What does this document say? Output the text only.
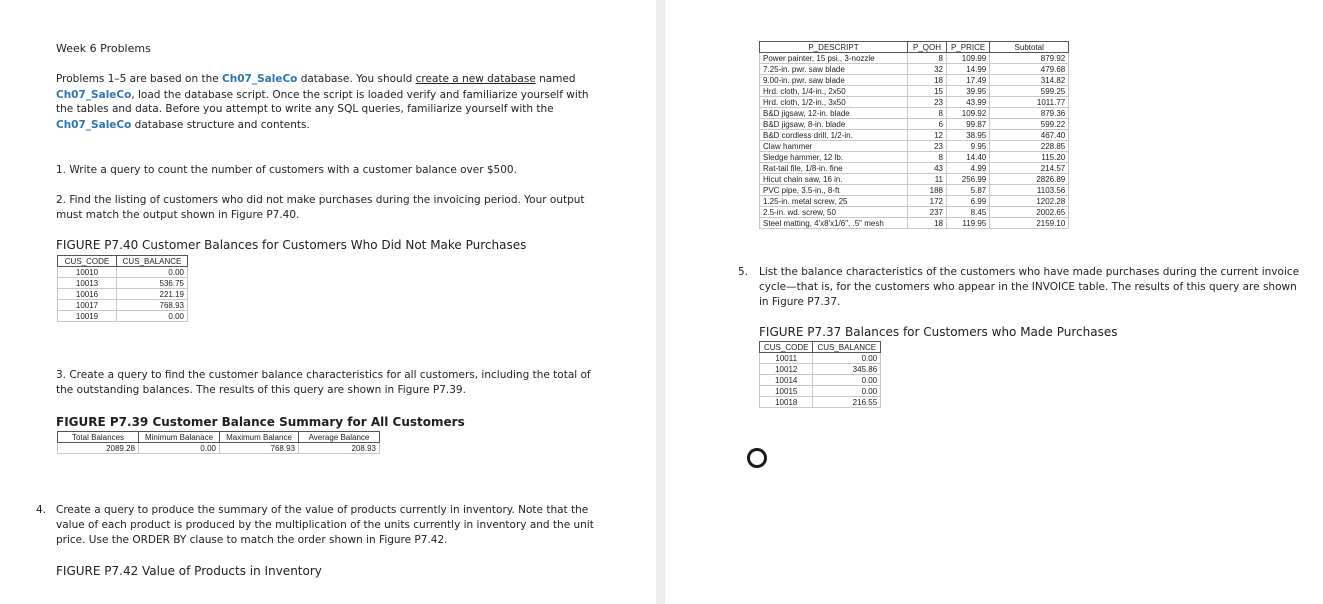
Week 6 Problems

Problems 1–5 are based on the Ch07_SaleCo database. You should create a new database named

Ch07_SaleCo, load the database script. Once the script is loaded verify and familiarize yourself with

the tables and data. Before you attempt to write any SQL queries, familiarize yourself with the

Ch07_SaleCo database structure and contents.

1. Write a query to count the number of customers with a customer balance over $500.

2. Find the listing of customers who did not make purchases during the invoicing period. Your output

must match the output shown in Figure P7.40.

FIGURE P7.40 Customer Balances for Customers Who Did Not Make Purchases

CUS_CODE	CUS_BALANCE
10010	0.00
10013	536.75
10016	221.19
10017	768.93
10019	0.00

3. Create a query to find the customer balance characteristics for all customers, including the total of

the outstanding balances. The results of this query are shown in Figure P7.39.

FIGURE P7.39 Customer Balance Summary for All Customers

Total Balances	Minimum Balanace	Maximum Balance	Average Balance
2089.28	0.00	768.93	208.93

4. Create a query to produce the summary of the value of products currently in inventory. Note that the

value of each product is produced by the multiplication of the units currently in inventory and the unit

price. Use the ORDER BY clause to match the order shown in Figure P7.42.

FIGURE P7.42 Value of Products in Inventory

P_DESCRIPT	P_QOH	P_PRICE	Subtotal
Power painter, 15 psi., 3-nozzle	8	109.99	879.92
7.25-in. pwr. saw blade	32	14.99	479.68
9.00-in. pwr. saw blade	18	17.49	314.82
Hrd. cloth, 1/4-in., 2x50	15	39.95	599.25
Hrd. cloth, 1/2-in., 3x50	23	43.99	1011.77
B&D jigsaw, 12-in. blade	8	109.92	879.36
B&D jigsaw, 8-in. blade	6	99.87	599.22
B&D cordless drill, 1/2-in.	12	38.95	467.40
Claw hammer	23	9.95	228.85
Sledge hammer, 12 lb.	8	14.40	115.20
Rat-tail file, 1/8-in. fine	43	4.99	214.57
Hicut chain saw, 16 in.	11	256.99	2826.89
PVC pipe, 3.5-in., 8-ft	188	5.87	1103.56
1.25-in. metal screw, 25	172	6.99	1202.28
2.5-in. wd. screw, 50	237	8.45	2002.65
Steel matting, 4'x8'x1/6", .5" mesh	18	119.95	2159.10

5. List the balance characteristics of the customers who have made purchases during the current invoice

cycle—that is, for the customers who appear in the INVOICE table. The results of this query are shown

in Figure P7.37.

FIGURE P7.37 Balances for Customers who Made Purchases

CUS_CODE	CUS_BALANCE
10011	0.00
10012	345.86
10014	0.00
10015	0.00
10018	216.55
